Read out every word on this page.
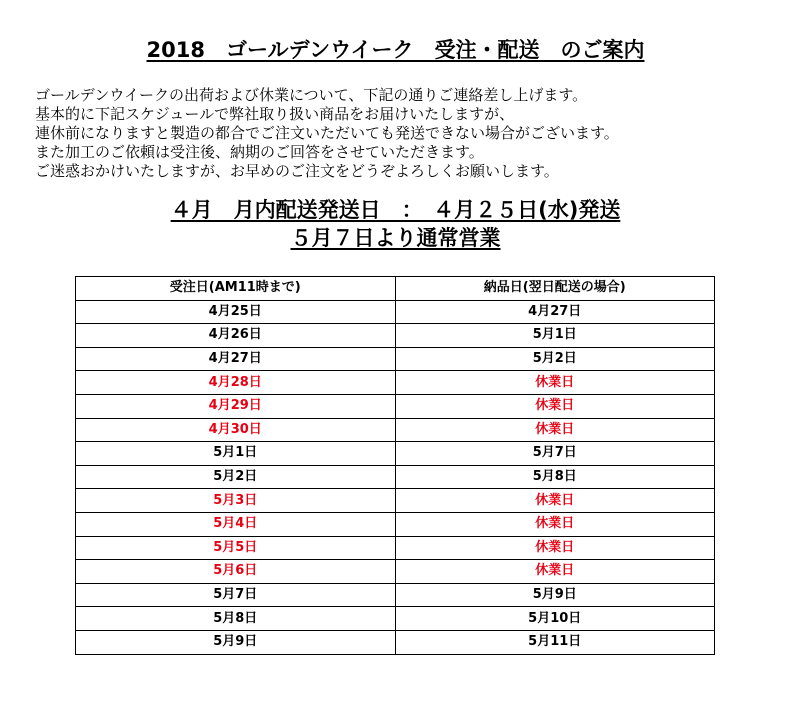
2018　ゴールデンウイーク　受注・配送　のご案内
ゴールデンウイークの出荷および休業について、下記の通りご連絡差し上げます。
基本的に下記スケジュールで弊社取り扱い商品をお届けいたしますが、
連休前になりますと製造の都合でご注文いただいても発送できない場合がございます。
また加工のご依頼は受注後、納期のご回答をさせていただきます。
ご迷惑おかけいたしますが、お早めのご注文をどうぞよろしくお願いします。
４月　月内配送発送日　：　４月２５日(水)発送
５月７日より通常営業
受注日(AM11時まで)	納品日(翌日配送の場合)
4月25日	4月27日
4月26日	5月1日
4月27日	5月2日
4月28日	休業日
4月29日	休業日
4月30日	休業日
5月1日	5月7日
5月2日	5月8日
5月3日	休業日
5月4日	休業日
5月5日	休業日
5月6日	休業日
5月7日	5月9日
5月8日	5月10日
5月9日	5月11日
